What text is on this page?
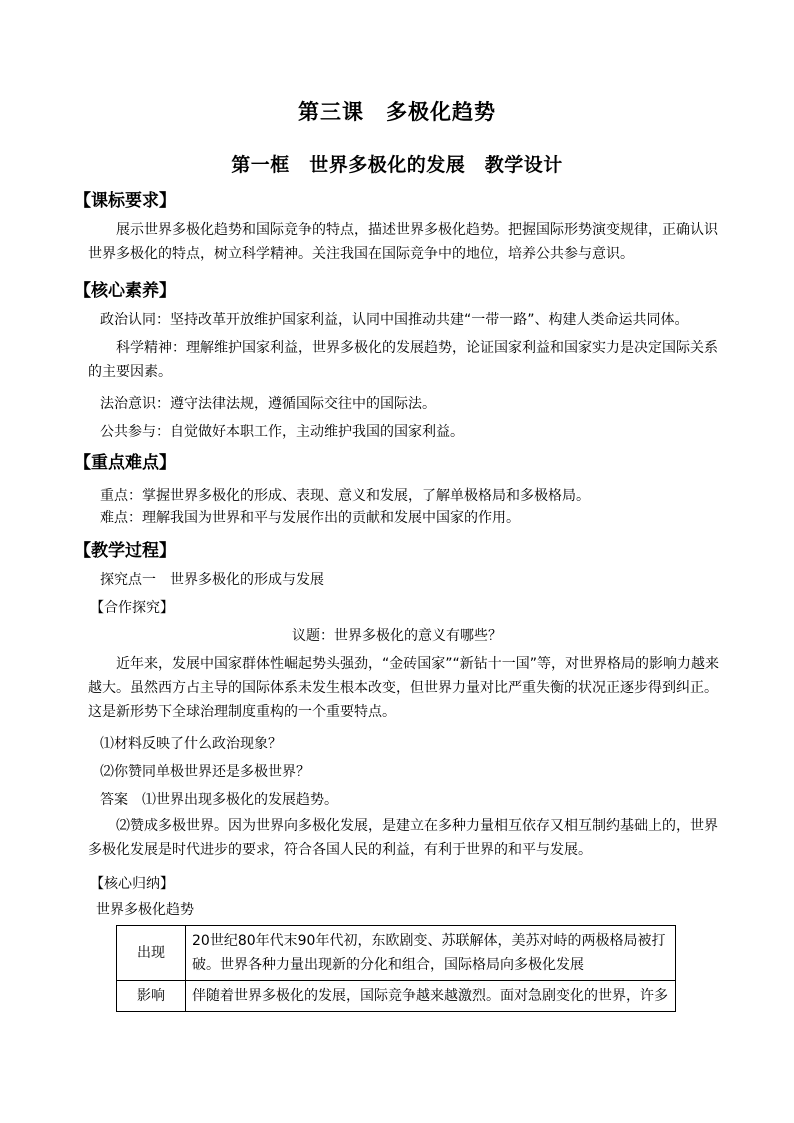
第三课　多极化趋势
第一框　世界多极化的发展　教学设计
【课标要求】
展示世界多极化趋势和国际竞争的特点，描述世界多极化趋势。把握国际形势演变规律，正确认识世界多极化的特点，树立科学精神。关注我国在国际竞争中的地位，培养公共参与意识。
【核心素养】
政治认同：坚持改革开放维护国家利益，认同中国推动共建“一带一路”、构建人类命运共同体。
科学精神：理解维护国家利益，世界多极化的发展趋势，论证国家利益和国家实力是决定国际关系的主要因素。
法治意识：遵守法律法规，遵循国际交往中的国际法。
公共参与：自觉做好本职工作，主动维护我国的国家利益。
【重点难点】
重点：掌握世界多极化的形成、表现、意义和发展，了解单极格局和多极格局。
难点：理解我国为世界和平与发展作出的贡献和发展中国家的作用。
【教学过程】
探究点一　世界多极化的形成与发展
【合作探究】
议题：世界多极化的意义有哪些？
近年来，发展中国家群体性崛起势头强劲，“金砖国家”“新钻十一国”等，对世界格局的影响力越来越大。虽然西方占主导的国际体系未发生根本改变，但世界力量对比严重失衡的状况正逐步得到纠正。这是新形势下全球治理制度重构的一个重要特点。
⑴材料反映了什么政治现象？
⑵你赞同单极世界还是多极世界？
答案　⑴世界出现多极化的发展趋势。
⑵赞成多极世界。因为世界向多极化发展，是建立在多种力量相互依存又相互制约基础上的，世界多极化发展是时代进步的要求，符合各国人民的利益，有利于世界的和平与发展。
【核心归纳】
世界多极化趋势
出现	20世纪80年代末90年代初，东欧剧变、苏联解体，美苏对峙的两极格局被打破。世界各种力量出现新的分化和组合，国际格局向多极化发展
影响	伴随着世界多极化的发展，国际竞争越来越激烈。面对急剧变化的世界，许多
